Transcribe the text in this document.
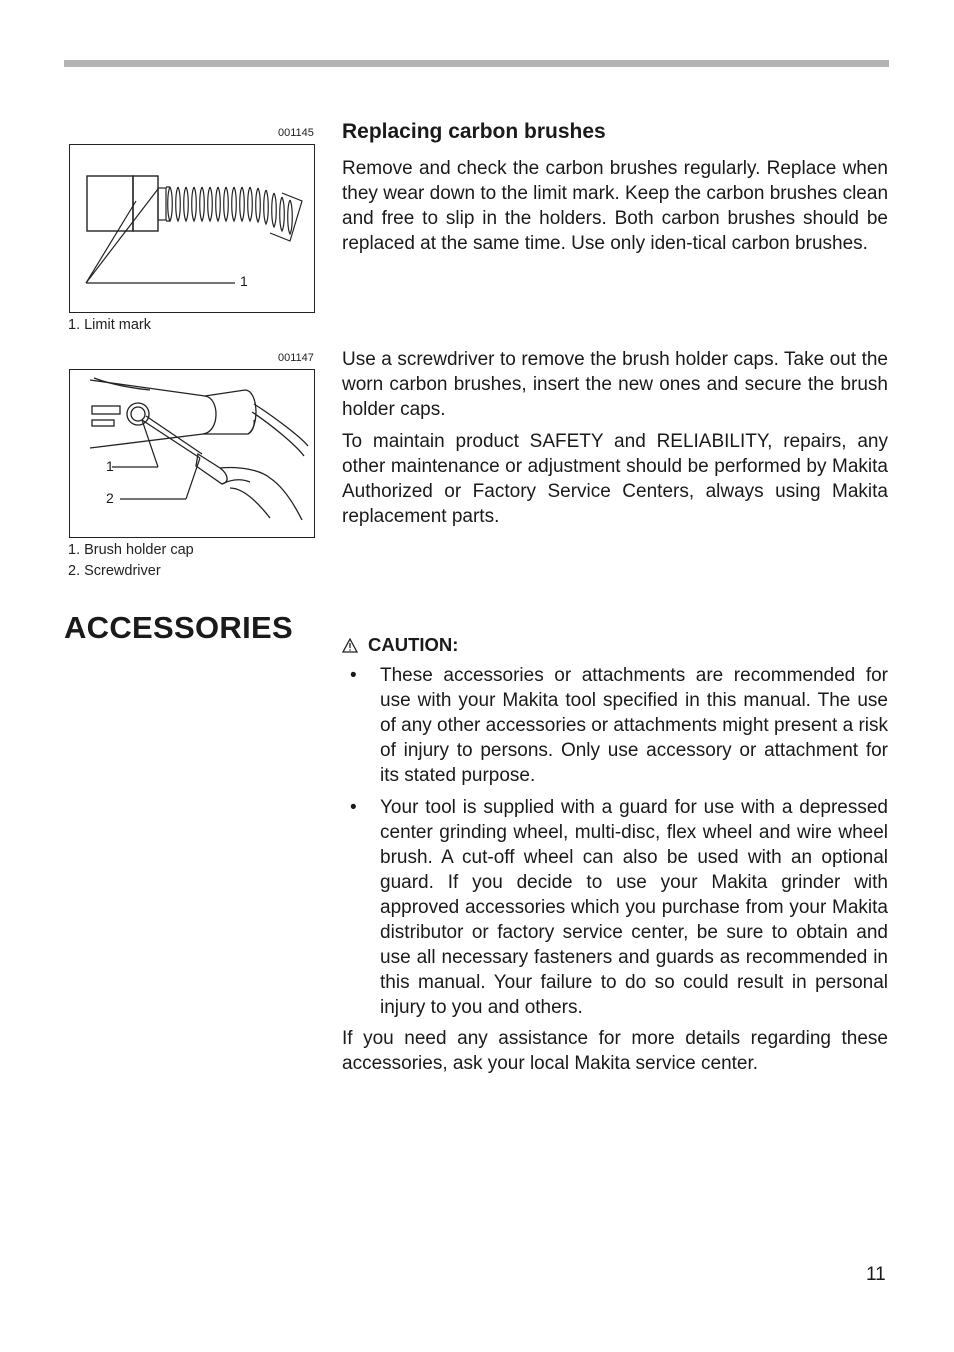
001145
1
1. Limit mark
001147
1
2
1. Brush holder cap
2. Screwdriver
Replacing carbon brushes

Remove and check the carbon brushes regularly. Replace when they wear down to the limit mark. Keep the carbon brushes clean and free to slip in the holders. Both carbon brushes should be replaced at the same time. Use only iden-tical carbon brushes.

Use a screwdriver to remove the brush holder caps. Take out the worn carbon brushes, insert the new ones and secure the brush holder caps.

To maintain product SAFETY and RELIABILITY, repairs, any other maintenance or adjustment should be performed by Makita Authorized or Factory Service Centers, always using Makita replacement parts.

ACCESSORIES	CAUTION:
• These accessories or attachments are recommended for use with your Makita tool specified in this manual. The use of any other accessories or attachments might present a risk of injury to persons. Only use accessory or attachment for its stated purpose.
• Your tool is supplied with a guard for use with a depressed center grinding wheel, multi-disc, flex wheel and wire wheel brush. A cut-off wheel can also be used with an optional guard. If you decide to use your Makita grinder with approved accessories which you purchase from your Makita distributor or factory service center, be sure to obtain and use all necessary fasteners and guards as recommended in this manual. Your failure to do so could result in personal injury to you and others.

If you need any assistance for more details regarding these accessories, ask your local Makita service center.

11
